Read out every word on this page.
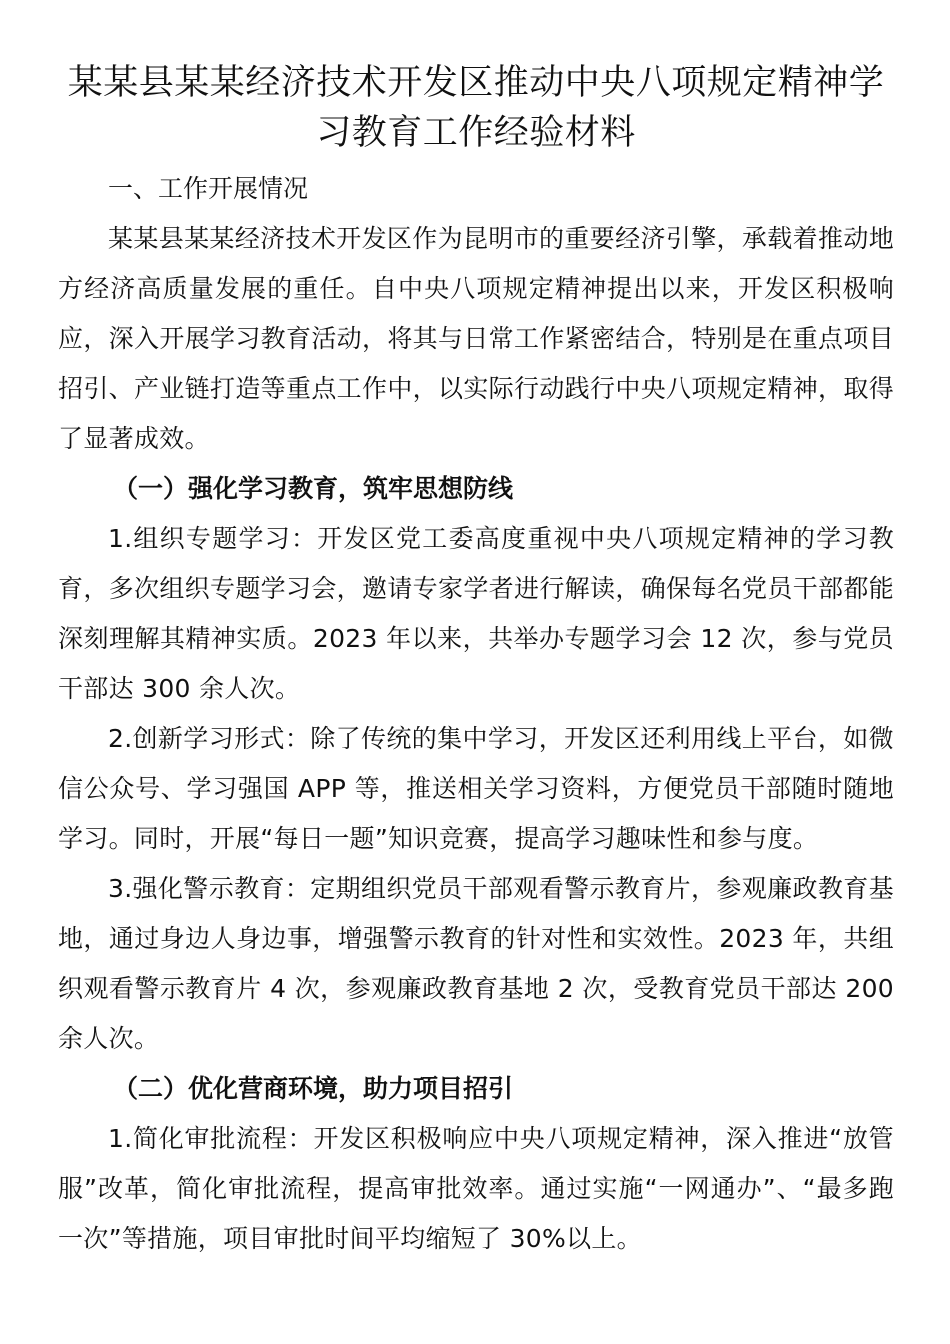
某某县某某经济技术开发区推动中央八项规定精神学
习教育工作经验材料

一、工作开展情况

某某县某某经济技术开发区作为昆明市的重要经济引擎，承载着推动地方经济高质量发展的重任。自中央八项规定精神提出以来，开发区积极响应，深入开展学习教育活动，将其与日常工作紧密结合，特别是在重点项目招引、产业链打造等重点工作中，以实际行动践行中央八项规定精神，取得了显著成效。

（一）强化学习教育，筑牢思想防线

1.组织专题学习：开发区党工委高度重视中央八项规定精神的学习教育，多次组织专题学习会，邀请专家学者进行解读，确保每名党员干部都能深刻理解其精神实质。2023 年以来，共举办专题学习会 12 次，参与党员干部达 300 余人次。

2.创新学习形式：除了传统的集中学习，开发区还利用线上平台，如微信公众号、学习强国 APP 等，推送相关学习资料，方便党员干部随时随地学习。同时，开展“每日一题”知识竞赛，提高学习趣味性和参与度。

3.强化警示教育：定期组织党员干部观看警示教育片，参观廉政教育基地，通过身边人身边事，增强警示教育的针对性和实效性。2023 年，共组织观看警示教育片 4 次，参观廉政教育基地 2 次，受教育党员干部达 200 余人次。

（二）优化营商环境，助力项目招引

1.简化审批流程：开发区积极响应中央八项规定精神，深入推进“放管服”改革，简化审批流程，提高审批效率。通过实施“一网通办”、“最多跑一次”等措施，项目审批时间平均缩短了 30%以上。
